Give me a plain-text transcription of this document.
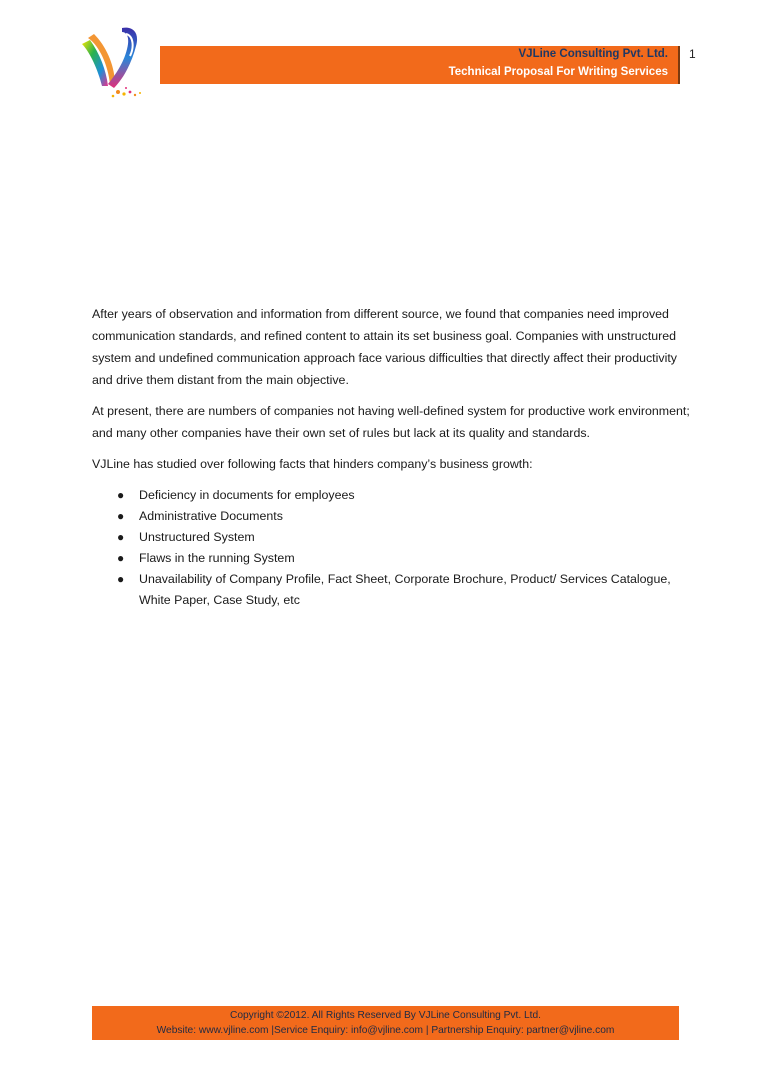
VJLine Consulting Pvt. Ltd.
Technical Proposal For Writing Services
1

After years of observation and information from different source, we found that companies need improved communication standards, and refined content to attain its set business goal. Companies with unstructured system and undefined communication approach face various difficulties that directly affect their productivity and drive them distant from the main objective.

At present, there are numbers of companies not having well-defined system for productive work environment; and many other companies have their own set of rules but lack at its quality and standards.

VJLine has studied over following facts that hinders company’s business growth:

● Deficiency in documents for employees
● Administrative Documents
● Unstructured System
● Flaws in the running System
● Unavailability of Company Profile, Fact Sheet, Corporate Brochure, Product/ Services Catalogue, White Paper, Case Study, etc
Copyright ©2012. All Rights Reserved By VJLine Consulting Pvt. Ltd.
Website: www.vjline.com |Service Enquiry: info@vjline.com | Partnership Enquiry: partner@vjline.com
